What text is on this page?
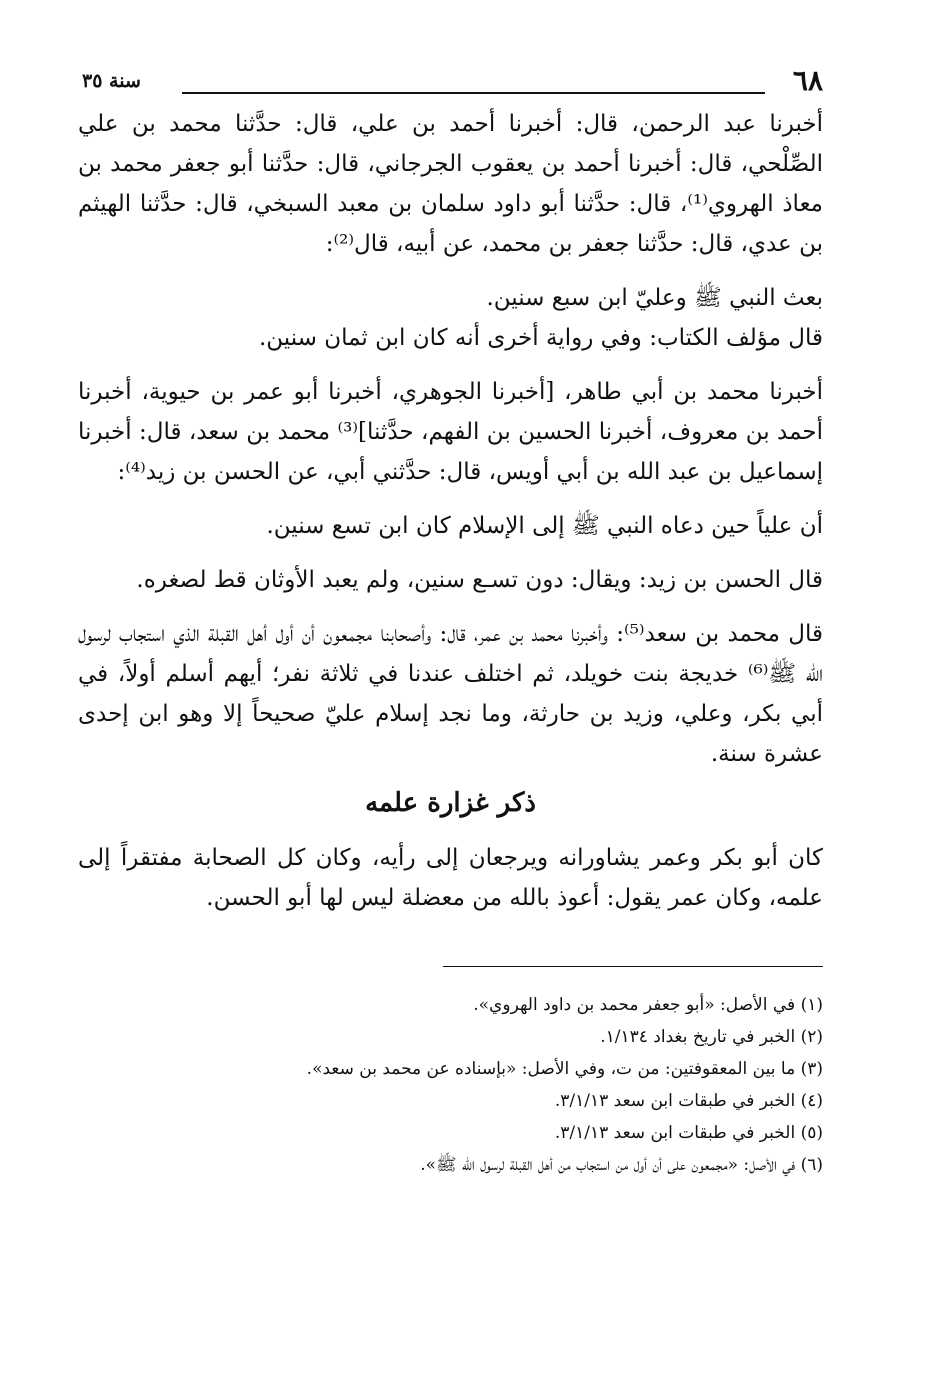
٦٨
سنة ٣٥

أخبرنا عبد الرحمن، قال: أخبرنا أحمد بن علي، قال: حدَّثنا محمد بن علي الصِّلْحي، قال: أخبرنا أحمد بن يعقوب الجرجاني، قال: حدَّثنا أبو جعفر محمد بن معاذ الهروي⁽¹⁾، قال: حدَّثنا أبو داود سلمان بن معبد السبخي، قال: حدَّثنا الهيثم بن عدي، قال: حدَّثنا جعفر بن محمد، عن أبيه، قال⁽²⁾:

بعث النبي ﷺ وعليّ ابن سبع سنين.

قال مؤلف الكتاب: وفي رواية أخرى أنه كان ابن ثمان سنين.

أخبرنا محمد بن أبي طاهر، [أخبرنا الجوهري، أخبرنا أبو عمر بن حيوية، أخبرنا أحمد بن معروف، أخبرنا الحسين بن الفهم، حدَّثنا]⁽³⁾ محمد بن سعد، قال: أخبرنا إسماعيل بن عبد الله بن أبي أويس، قال: حدَّثني أبي، عن الحسن بن زيد⁽⁴⁾:

أن علياً حين دعاه النبي ﷺ إلى الإسلام كان ابن تسع سنين.

قال الحسن بن زيد: ويقال: دون تسـع سنين، ولم يعبد الأوثان قط لصغره.

قال محمد بن سعد⁽⁵⁾: وأخبرنا محمد بن عمر، قال: وأصحابنا مجمعون أن أول أهل القبلة الذي استجاب لرسول الله ﷺ⁽⁶⁾ خديجة بنت خويلد، ثم اختلف عندنا في ثلاثة نفر؛ أيهم أسلم أولاً، في أبي بكر، وعلي، وزيد بن حارثة، وما نجد إسلام عليّ صحيحاً إلا وهو ابن إحدى عشرة سنة.

ذكر غزارة علمه

كان أبو بكر وعمر يشاورانه ويرجعان إلى رأيه، وكان كل الصحابة مفتقراً إلى علمه، وكان عمر يقول: أعوذ بالله من معضلة ليس لها أبو الحسن.

(١) في الأصل: «أبو جعفر محمد بن داود الهروي».

(٢) الخبر في تاريخ بغداد ١/١٣٤.

(٣) ما بين المعقوفتين: من ت، وفي الأصل: «بإسناده عن محمد بن سعد».

(٤) الخبر في طبقات ابن سعد ٣/١/١٣.

(٥) الخبر في طبقات ابن سعد ٣/١/١٣.

(٦) في الأصل: «مجمعون على أن أول من استجاب من أهل القبلة لرسول الله ﷺ».
